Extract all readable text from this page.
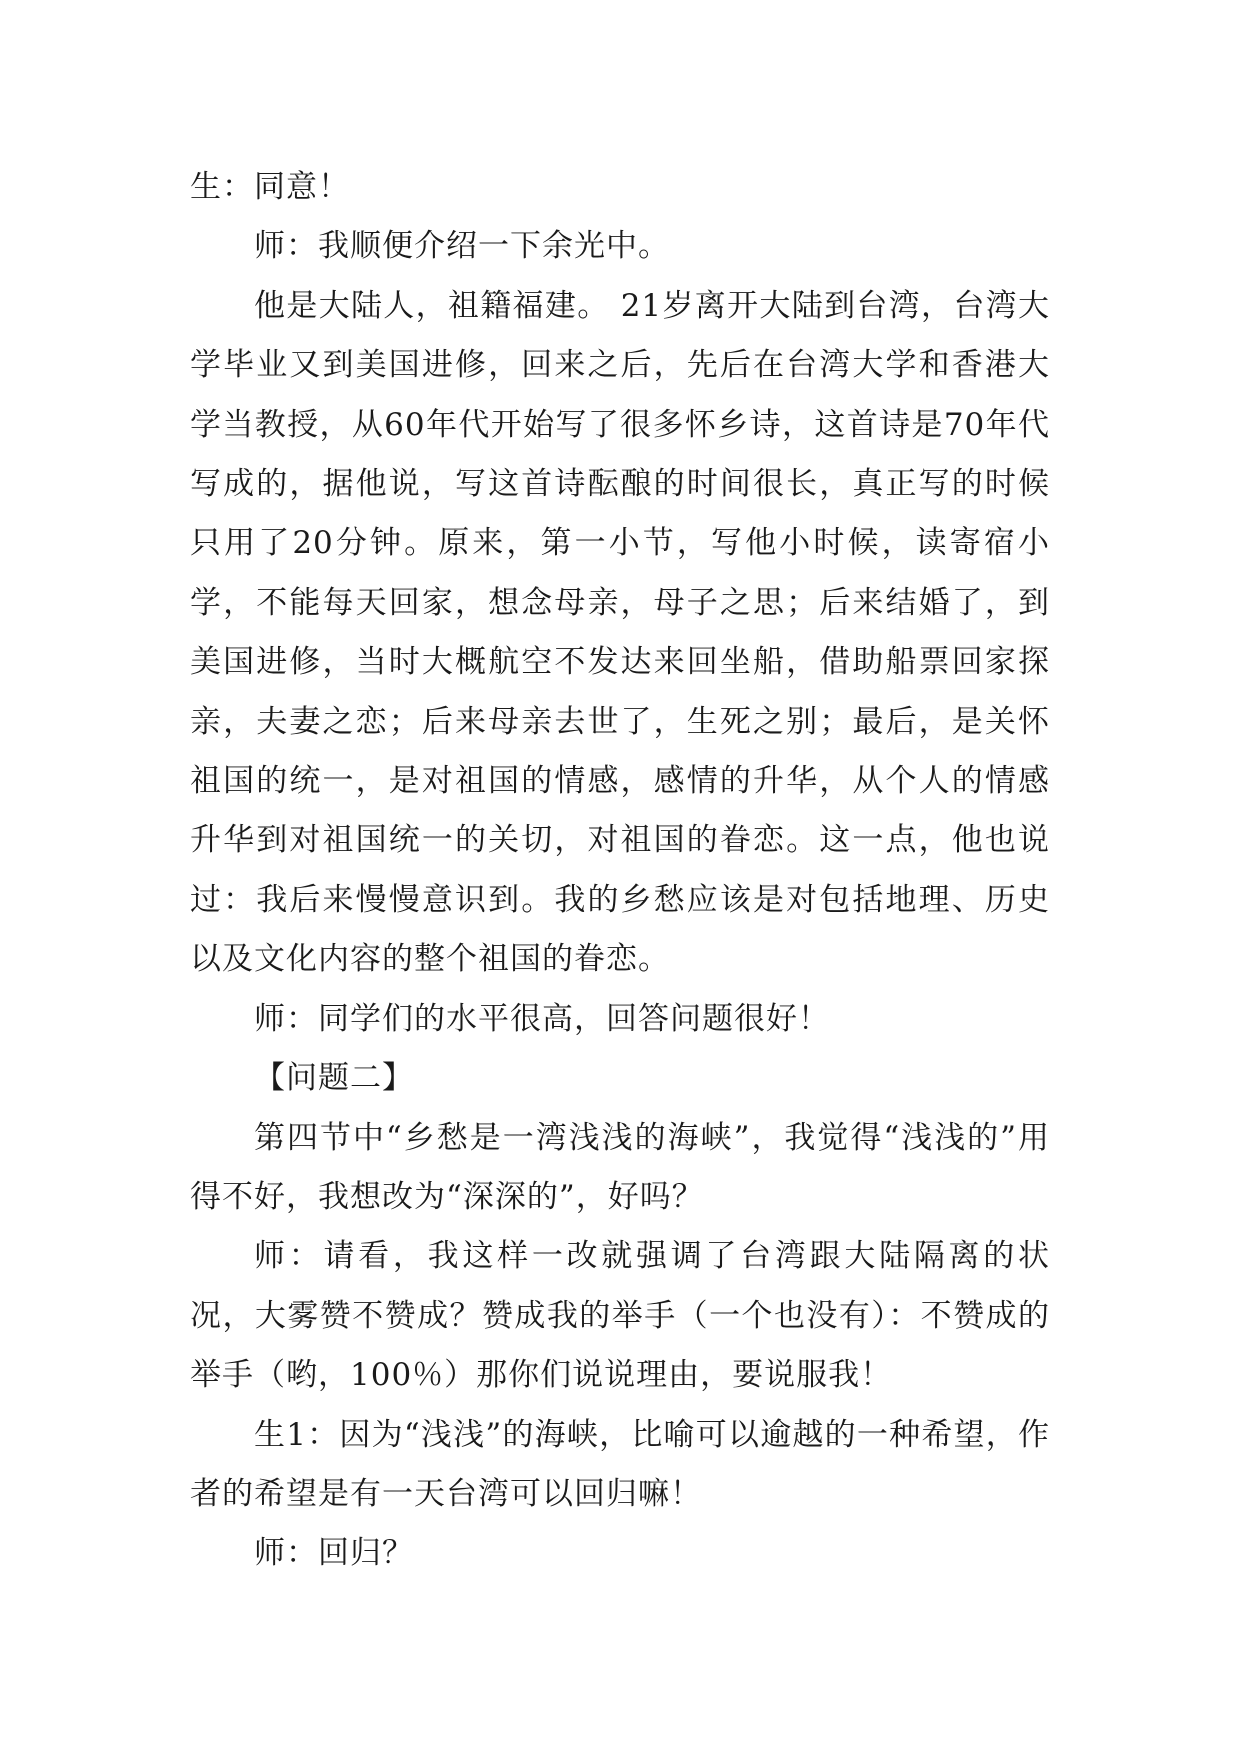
生：同意！

师：我顺便介绍一下余光中。

他是大陆人，祖籍福建。 21岁离开大陆到台湾，台湾大学毕业又到美国进修，回来之后，先后在台湾大学和香港大学当教授，从60年代开始写了很多怀乡诗，这首诗是70年代写成的，据他说，写这首诗酝酿的时间很长，真正写的时候只用了20分钟。原来，第一小节，写他小时候，读寄宿小学，不能每天回家，想念母亲，母子之思；后来结婚了，到美国进修，当时大概航空不发达来回坐船，借助船票回家探亲，夫妻之恋；后来母亲去世了，生死之别；最后，是关怀祖国的统一，是对祖国的情感，感情的升华，从个人的情感升华到对祖国统一的关切，对祖国的眷恋。这一点，他也说过：我后来慢慢意识到。我的乡愁应该是对包括地理、历史以及文化内容的整个祖国的眷恋。

师：同学们的水平很高，回答问题很好！

【问题二】

第四节中“乡愁是一湾浅浅的海峡”，我觉得“浅浅的”用得不好，我想改为“深深的”，好吗？

师：请看，我这样一改就强调了台湾跟大陆隔离的状况，大雾赞不赞成？赞成我的举手（一个也没有）：不赞成的举手（哟，100％）那你们说说理由，要说服我！

生1：因为“浅浅”的海峡，比喻可以逾越的一种希望，作者的希望是有一天台湾可以回归嘛！

师：回归？
